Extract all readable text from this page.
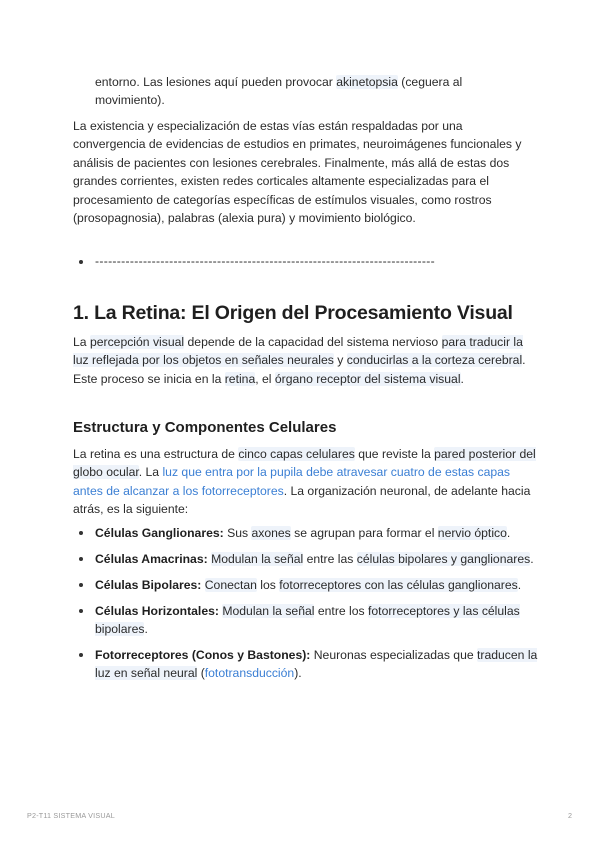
entorno. Las lesiones aquí pueden provocar akinetopsia (ceguera al movimiento).

La existencia y especialización de estas vías están respaldadas por una convergencia de evidencias de estudios en primates, neuroimágenes funcionales y análisis de pacientes con lesiones cerebrales. Finalmente, más allá de estas dos grandes corrientes, existen redes corticales altamente especializadas para el procesamiento de categorías específicas de estímulos visuales, como rostros (prosopagnosia), palabras (alexia pura) y movimiento biológico.

------------------------------------------------------------------------------
1. La Retina: El Origen del Procesamiento Visual

La percepción visual depende de la capacidad del sistema nervioso para traducir la luz reflejada por los objetos en señales neurales y conducirlas a la corteza cerebral. Este proceso se inicia en la retina, el órgano receptor del sistema visual.

Estructura y Componentes Celulares

La retina es una estructura de cinco capas celulares que reviste la pared posterior del globo ocular. La luz que entra por la pupila debe atravesar cuatro de estas capas antes de alcanzar a los fotorreceptores. La organización neuronal, de adelante hacia atrás, es la siguiente:

Células Ganglionares: Sus axones se agrupan para formar el nervio óptico.
Células Amacrinas: Modulan la señal entre las células bipolares y ganglionares.
Células Bipolares: Conectan los fotorreceptores con las células ganglionares.
Células Horizontales: Modulan la señal entre los fotorreceptores y las células bipolares.
Fotorreceptores (Conos y Bastones): Neuronas especializadas que traducen la luz en señal neural (fototransducción).
P2-T11 SISTEMA VISUAL	2
